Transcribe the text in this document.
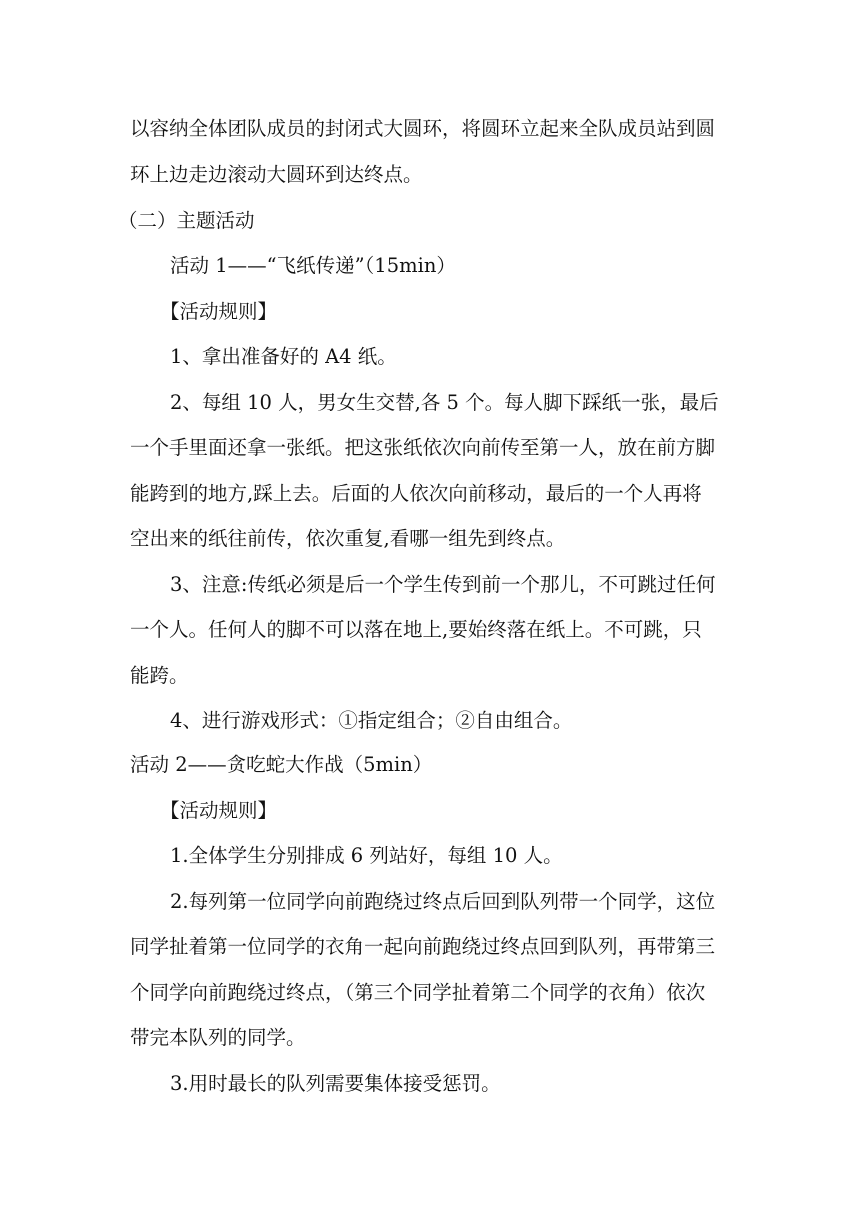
以容纳全体团队成员的封闭式大圆环，将圆环立起来全队成员站到圆
环上边走边滚动大圆环到达终点。
（二）主题活动
活动 1——“飞纸传递”（15min）
【活动规则】
1、拿出准备好的 A4 纸。
2、每组 10 人，男女生交替,各 5 个。每人脚下踩纸一张，最后
一个手里面还拿一张纸。把这张纸依次向前传至第一人，放在前方脚
能跨到的地方,踩上去。后面的人依次向前移动，最后的一个人再将
空出来的纸往前传，依次重复,看哪一组先到终点。
3、注意:传纸必须是后一个学生传到前一个那儿，不可跳过任何
一个人。任何人的脚不可以落在地上,要始终落在纸上。不可跳，只
能跨。
4、进行游戏形式：①指定组合；②自由组合。
活动 2——贪吃蛇大作战（5min）
【活动规则】
1.全体学生分别排成 6 列站好，每组 10 人。
2.每列第一位同学向前跑绕过终点后回到队列带一个同学，这位
同学扯着第一位同学的衣角一起向前跑绕过终点回到队列，再带第三
个同学向前跑绕过终点，（第三个同学扯着第二个同学的衣角）依次
带完本队列的同学。
3.用时最长的队列需要集体接受惩罚。
